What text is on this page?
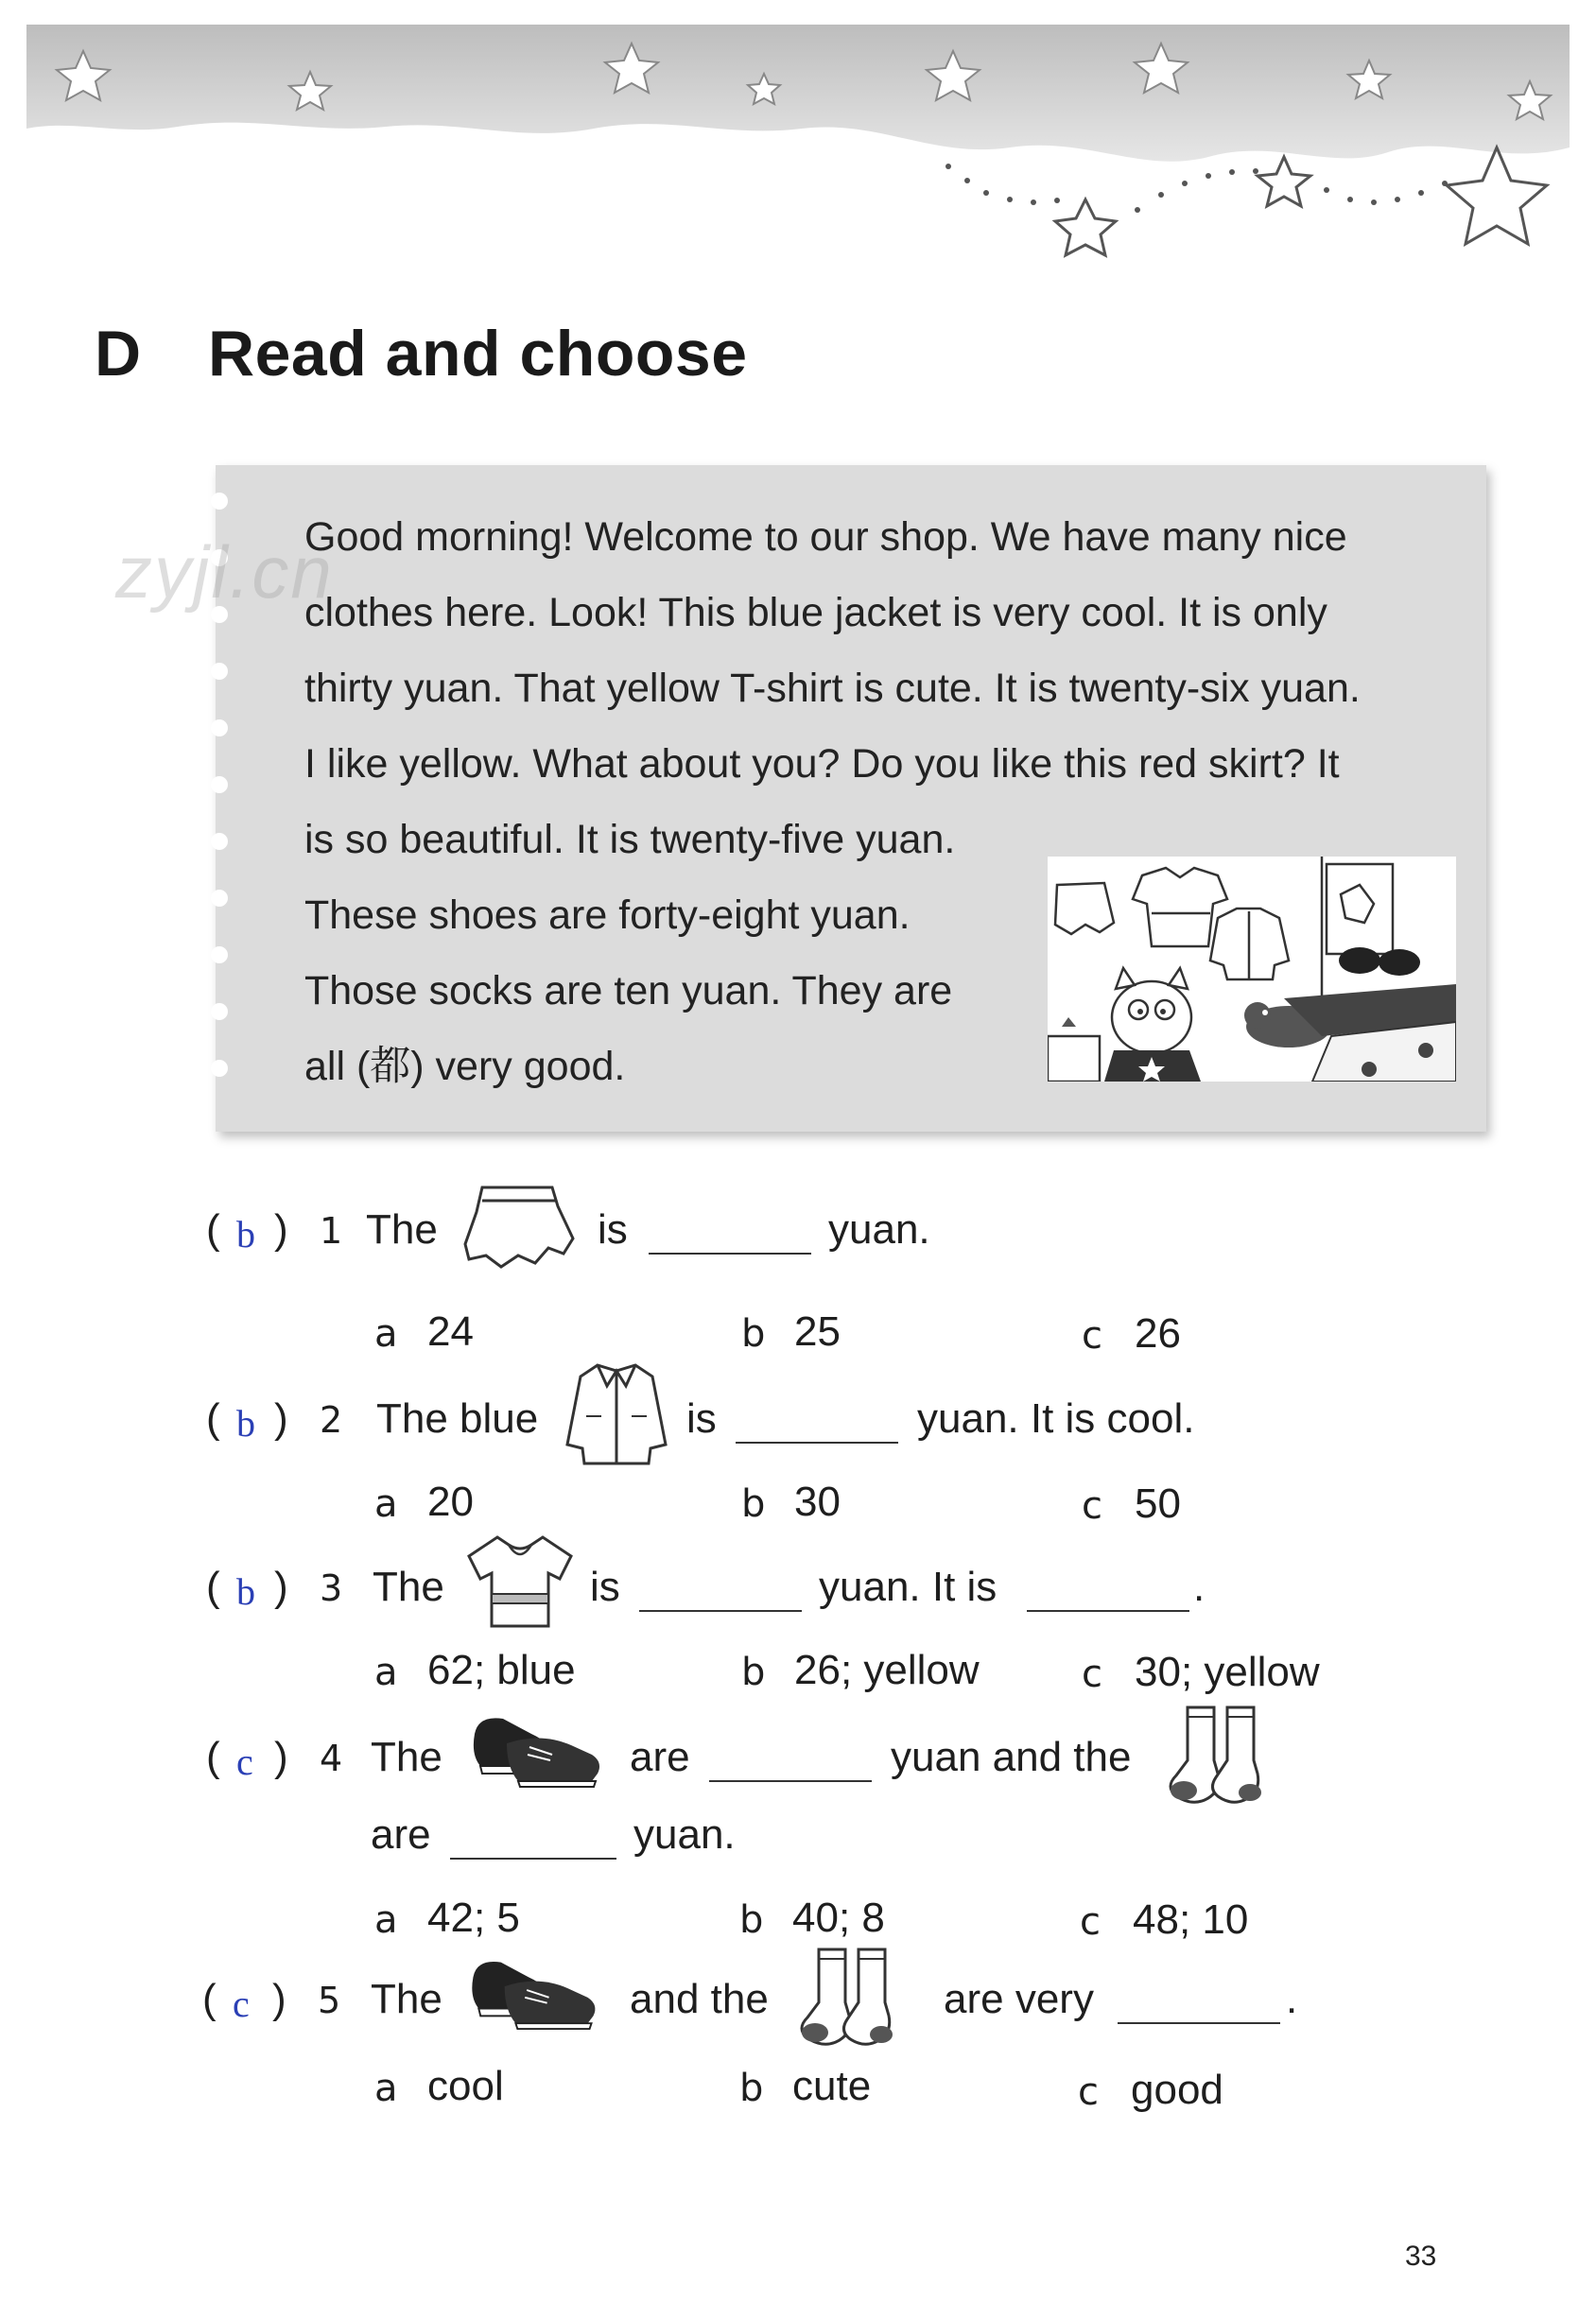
D Read and choose
zyjl.cn
Good morning! Welcome to our shop. We have many nice
clothes here. Look! This blue jacket is very cool. It is only
thirty yuan. That yellow T-shirt is cute. It is twenty-six yuan.
I like yellow. What about you? Do you like this red skirt? It
is so beautiful. It is twenty-five yuan.
These shoes are forty-eight yuan.
Those socks are ten yuan. They are
all (都) very good.
( b ) 1 The	is	yuan.
a 24	b 25	c 26
( b ) 2 The blue	is	yuan. It is cool.
a 20	b 30	c 50
( b ) 3 The	is	yuan. It is	.
a 62; blue	b 26; yellow	c 30; yellow
( c ) 4 The	are	yuan and the
are	yuan.
a 42; 5	b 40; 8	c 48; 10
( c ) 5 The	and the	are very	.
a cool	b cute	c good
33
